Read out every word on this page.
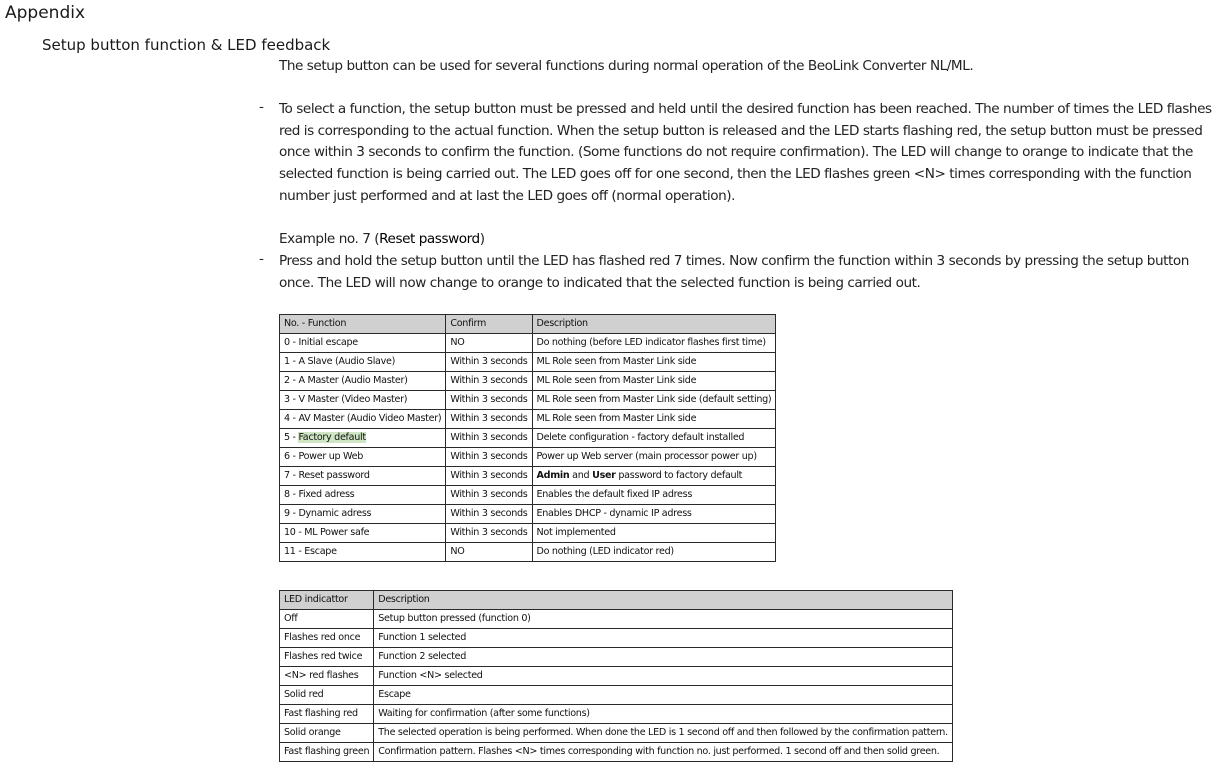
Appendix
Setup button function & LED feedback
The setup button can be used for several functions during normal operation of the BeoLink Converter NL/ML.
- To select a function, the setup button must be pressed and held until the desired function has been reached. The number of times the LED flashes
red is corresponding to the actual function. When the setup button is released and the LED starts flashing red, the setup button must be pressed
once within 3 seconds to confirm the function. (Some functions do not require confirmation). The LED will change to orange to indicate that the
selected function is being carried out. The LED goes off for one second, then the LED flashes green <N> times corresponding with the function
number just performed and at last the LED goes off (normal operation).
Example no. 7 (Reset password)
- Press and hold the setup button until the LED has flashed red 7 times. Now confirm the function within 3 seconds by pressing the setup button
once. The LED will now change to orange to indicated that the selected function is being carried out.
No. - Function	Confirm	Description
0 - Initial escape	NO	Do nothing (before LED indicator flashes first time)
1 - A Slave (Audio Slave)	Within 3 seconds	ML Role seen from Master Link side
2 - A Master (Audio Master)	Within 3 seconds	ML Role seen from Master Link side
3 - V Master (Video Master)	Within 3 seconds	ML Role seen from Master Link side (default setting)
4 - AV Master (Audio Video Master)	Within 3 seconds	ML Role seen from Master Link side
5 - Factory default	Within 3 seconds	Delete configuration - factory default installed
6 - Power up Web	Within 3 seconds	Power up Web server (main processor power up)
7 - Reset password	Within 3 seconds	Admin and User password to factory default
8 - Fixed adress	Within 3 seconds	Enables the default fixed IP adress
9 - Dynamic adress	Within 3 seconds	Enables DHCP - dynamic IP adress
10 - ML Power safe	Within 3 seconds	Not implemented
11 - Escape	NO	Do nothing (LED indicator red)
LED indicattor	Description
Off	Setup button pressed (function 0)
Flashes red once	Function 1 selected
Flashes red twice	Function 2 selected
<N> red flashes	Function <N> selected
Solid red	Escape
Fast flashing red	Waiting for confirmation (after some functions)
Solid orange	The selected operation is being performed. When done the LED is 1 second off and then followed by the confirmation pattern.
Fast flashing green	Confirmation pattern. Flashes <N> times corresponding with function no. just performed. 1 second off and then solid green.
